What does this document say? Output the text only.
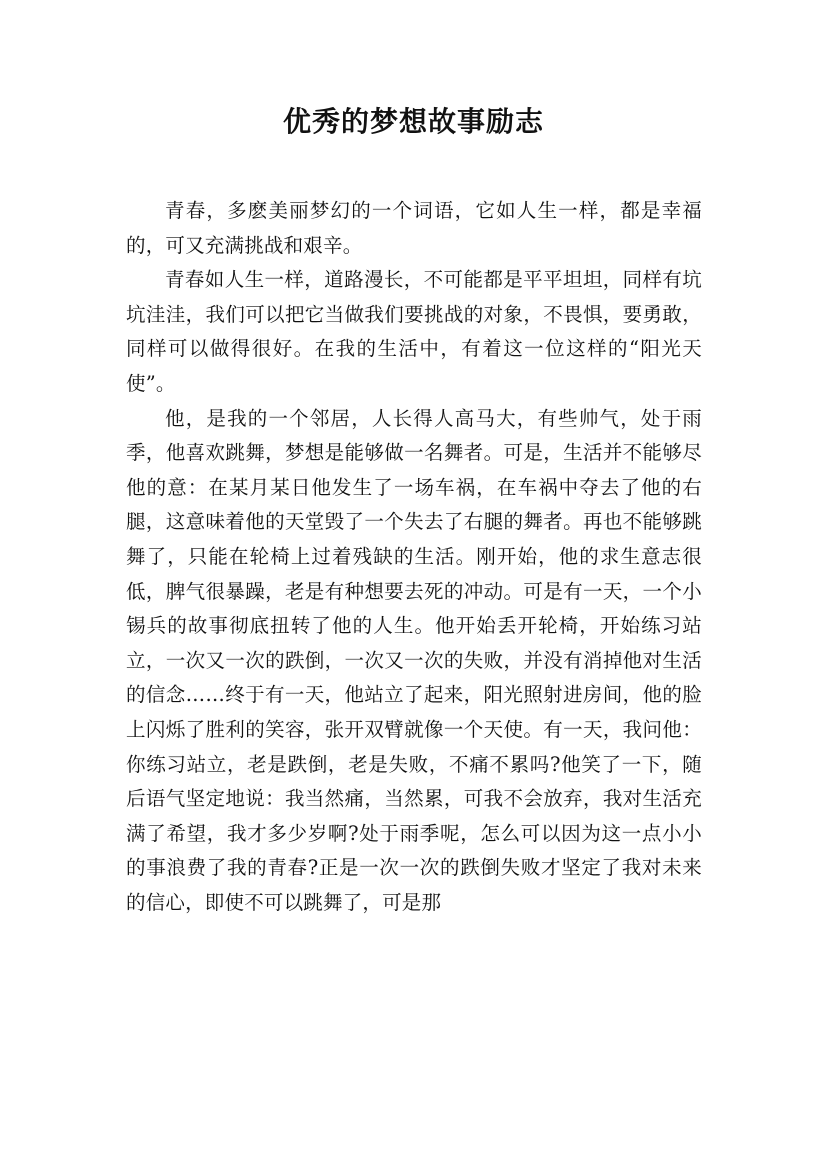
优秀的梦想故事励志

青春，多麽美丽梦幻的一个词语，它如人生一样，都是幸福的，可又充满挑战和艰辛。

青春如人生一样，道路漫长，不可能都是平平坦坦，同样有坑坑洼洼，我们可以把它当做我们要挑战的对象，不畏惧，要勇敢，同样可以做得很好。在我的生活中，有着这一位这样的“阳光天使”。

他，是我的一个邻居，人长得人高马大，有些帅气，处于雨季，他喜欢跳舞，梦想是能够做一名舞者。可是，生活并不能够尽他的意：在某月某日他发生了一场车祸，在车祸中夺去了他的右腿，这意味着他的天堂毁了一个失去了右腿的舞者。再也不能够跳舞了，只能在轮椅上过着残缺的生活。刚开始，他的求生意志很低，脾气很暴躁，老是有种想要去死的冲动。可是有一天，一个小锡兵的故事彻底扭转了他的人生。他开始丢开轮椅，开始练习站立，一次又一次的跌倒，一次又一次的失败，并没有消掉他对生活的信念……终于有一天，他站立了起来，阳光照射进房间，他的脸上闪烁了胜利的笑容，张开双臂就像一个天使。有一天，我问他：你练习站立，老是跌倒，老是失败，不痛不累吗?他笑了一下，随后语气坚定地说：我当然痛，当然累，可我不会放弃，我对生活充满了希望，我才多少岁啊?处于雨季呢，怎么可以因为这一点小小的事浪费了我的青春?正是一次一次的跌倒失败才坚定了我对未来的信心，即使不可以跳舞了，可是那
